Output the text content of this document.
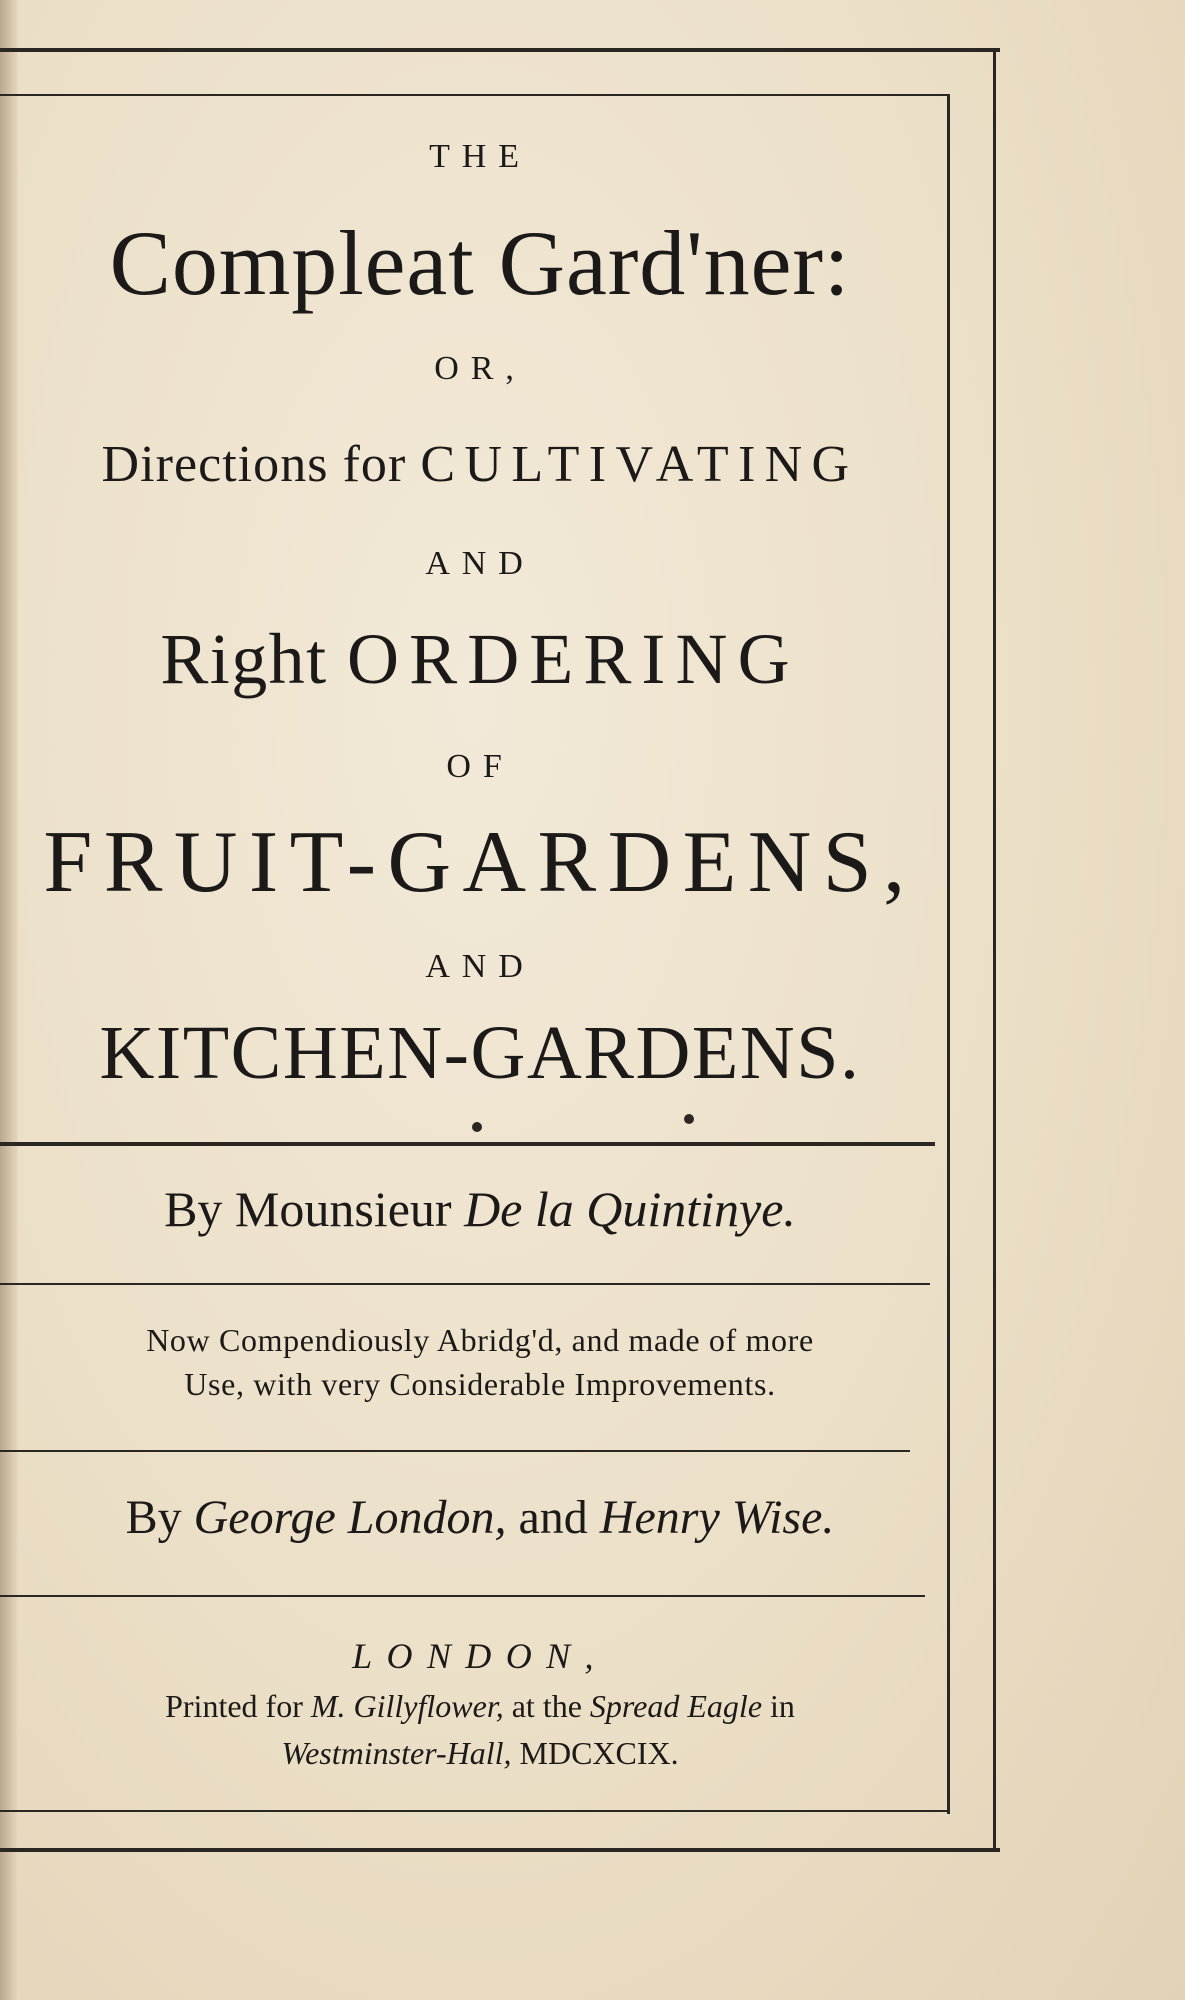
THE
Compleat Gard'ner:
OR,
Directions for CULTIVATING
AND
Right ORDERING
OF
FRUIT-GARDENS,
AND
KITCHEN-GARDENS.
By Mounsieur De la Quintinye.
Now Compendiously Abridg'd, and made of more
Use, with very Considerable Improvements.
By George London, and Henry Wise.
LONDON,
Printed for M. Gillyflower, at the Spread Eagle in
Westminster-Hall, MDCXCIX.
